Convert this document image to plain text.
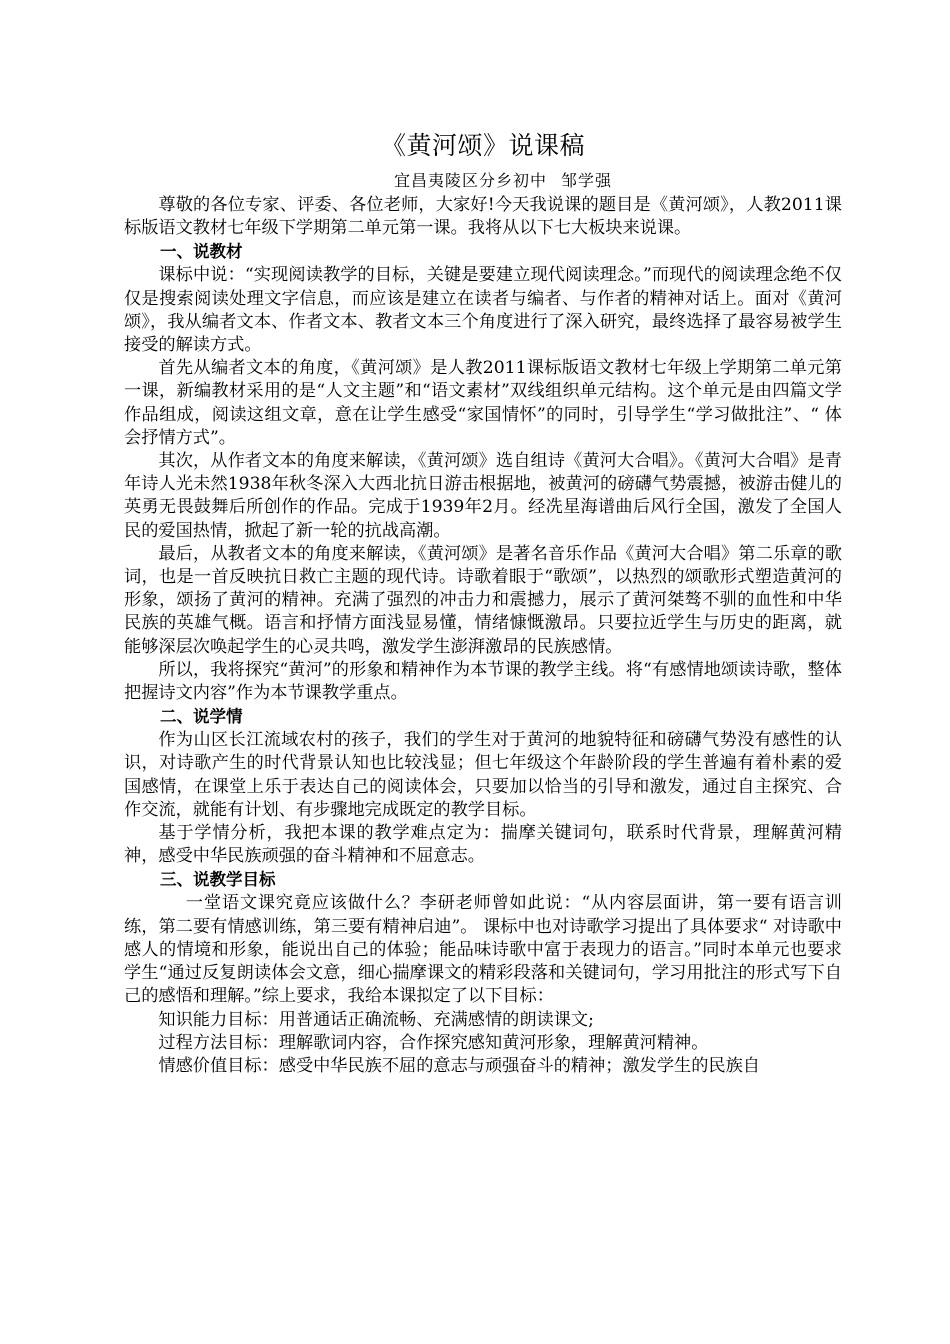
《黄河颂》说课稿
宜昌夷陵区分乡初中 邹学强

尊敬的各位专家、评委、各位老师，大家好!今天我说课的题目是《黄河颂》，人教2011课标版语文教材七年级下学期第二单元第一课。我将从以下七大板块来说课。

一、说教材

课标中说：“实现阅读教学的目标，关键是要建立现代阅读理念。”而现代的阅读理念绝不仅仅是搜索阅读处理文字信息，而应该是建立在读者与编者、与作者的精神对话上。面对《黄河颂》，我从编者文本、作者文本、教者文本三个角度进行了深入研究，最终选择了最容易被学生接受的解读方式。

首先从编者文本的角度，《黄河颂》是人教2011课标版语文教材七年级上学期第二单元第一课，新编教材采用的是“人文主题”和“语文素材”双线组织单元结构。这个单元是由四篇文学作品组成，阅读这组文章，意在让学生感受“家国情怀”的同时，引导学生“学习做批注”、“ 体会抒情方式”。

其次，从作者文本的角度来解读，《黄河颂》选自组诗《黄河大合唱》。《黄河大合唱》是青年诗人光未然1938年秋冬深入大西北抗日游击根据地，被黄河的磅礴气势震撼，被游击健儿的英勇无畏鼓舞后所创作的作品。完成于1939年2月。经冼星海谱曲后风行全国，激发了全国人民的爱国热情，掀起了新一轮的抗战高潮。

最后，从教者文本的角度来解读，《黄河颂》是著名音乐作品《黄河大合唱》第二乐章的歌词，也是一首反映抗日救亡主题的现代诗。诗歌着眼于“歌颂”，以热烈的颂歌形式塑造黄河的形象，颂扬了黄河的精神。充满了强烈的冲击力和震撼力，展示了黄河桀骜不驯的血性和中华民族的英雄气概。语言和抒情方面浅显易懂，情绪慷慨激昂。只要拉近学生与历史的距离，就能够深层次唤起学生的心灵共鸣，激发学生澎湃激昂的民族感情。

所以，我将探究“黄河”的形象和精神作为本节课的教学主线。将“有感情地颂读诗歌，整体把握诗文内容”作为本节课教学重点。

二、说学情

作为山区长江流域农村的孩子，我们的学生对于黄河的地貌特征和磅礴气势没有感性的认识，对诗歌产生的时代背景认知也比较浅显；但七年级这个年龄阶段的学生普遍有着朴素的爱国感情，在课堂上乐于表达自己的阅读体会，只要加以恰当的引导和激发，通过自主探究、合作交流，就能有计划、有步骤地完成既定的教学目标。

基于学情分析，我把本课的教学难点定为：揣摩关键词句，联系时代背景，理解黄河精神，感受中华民族顽强的奋斗精神和不屈意志。

三、说教学目标

一堂语文课究竟应该做什么？李研老师曾如此说：“从内容层面讲，第一要有语言训练，第二要有情感训练，第三要有精神启迪”。 课标中也对诗歌学习提出了具体要求“ 对诗歌中感人的情境和形象，能说出自己的体验；能品味诗歌中富于表现力的语言。”同时本单元也要求学生“通过反复朗读体会文意，细心揣摩课文的精彩段落和关键词句，学习用批注的形式写下自己的感悟和理解。”综上要求，我给本课拟定了以下目标：

知识能力目标：用普通话正确流畅、充满感情的朗读课文;

过程方法目标：理解歌词内容，合作探究感知黄河形象，理解黄河精神。

情感价值目标：感受中华民族不屈的意志与顽强奋斗的精神；激发学生的民族自
